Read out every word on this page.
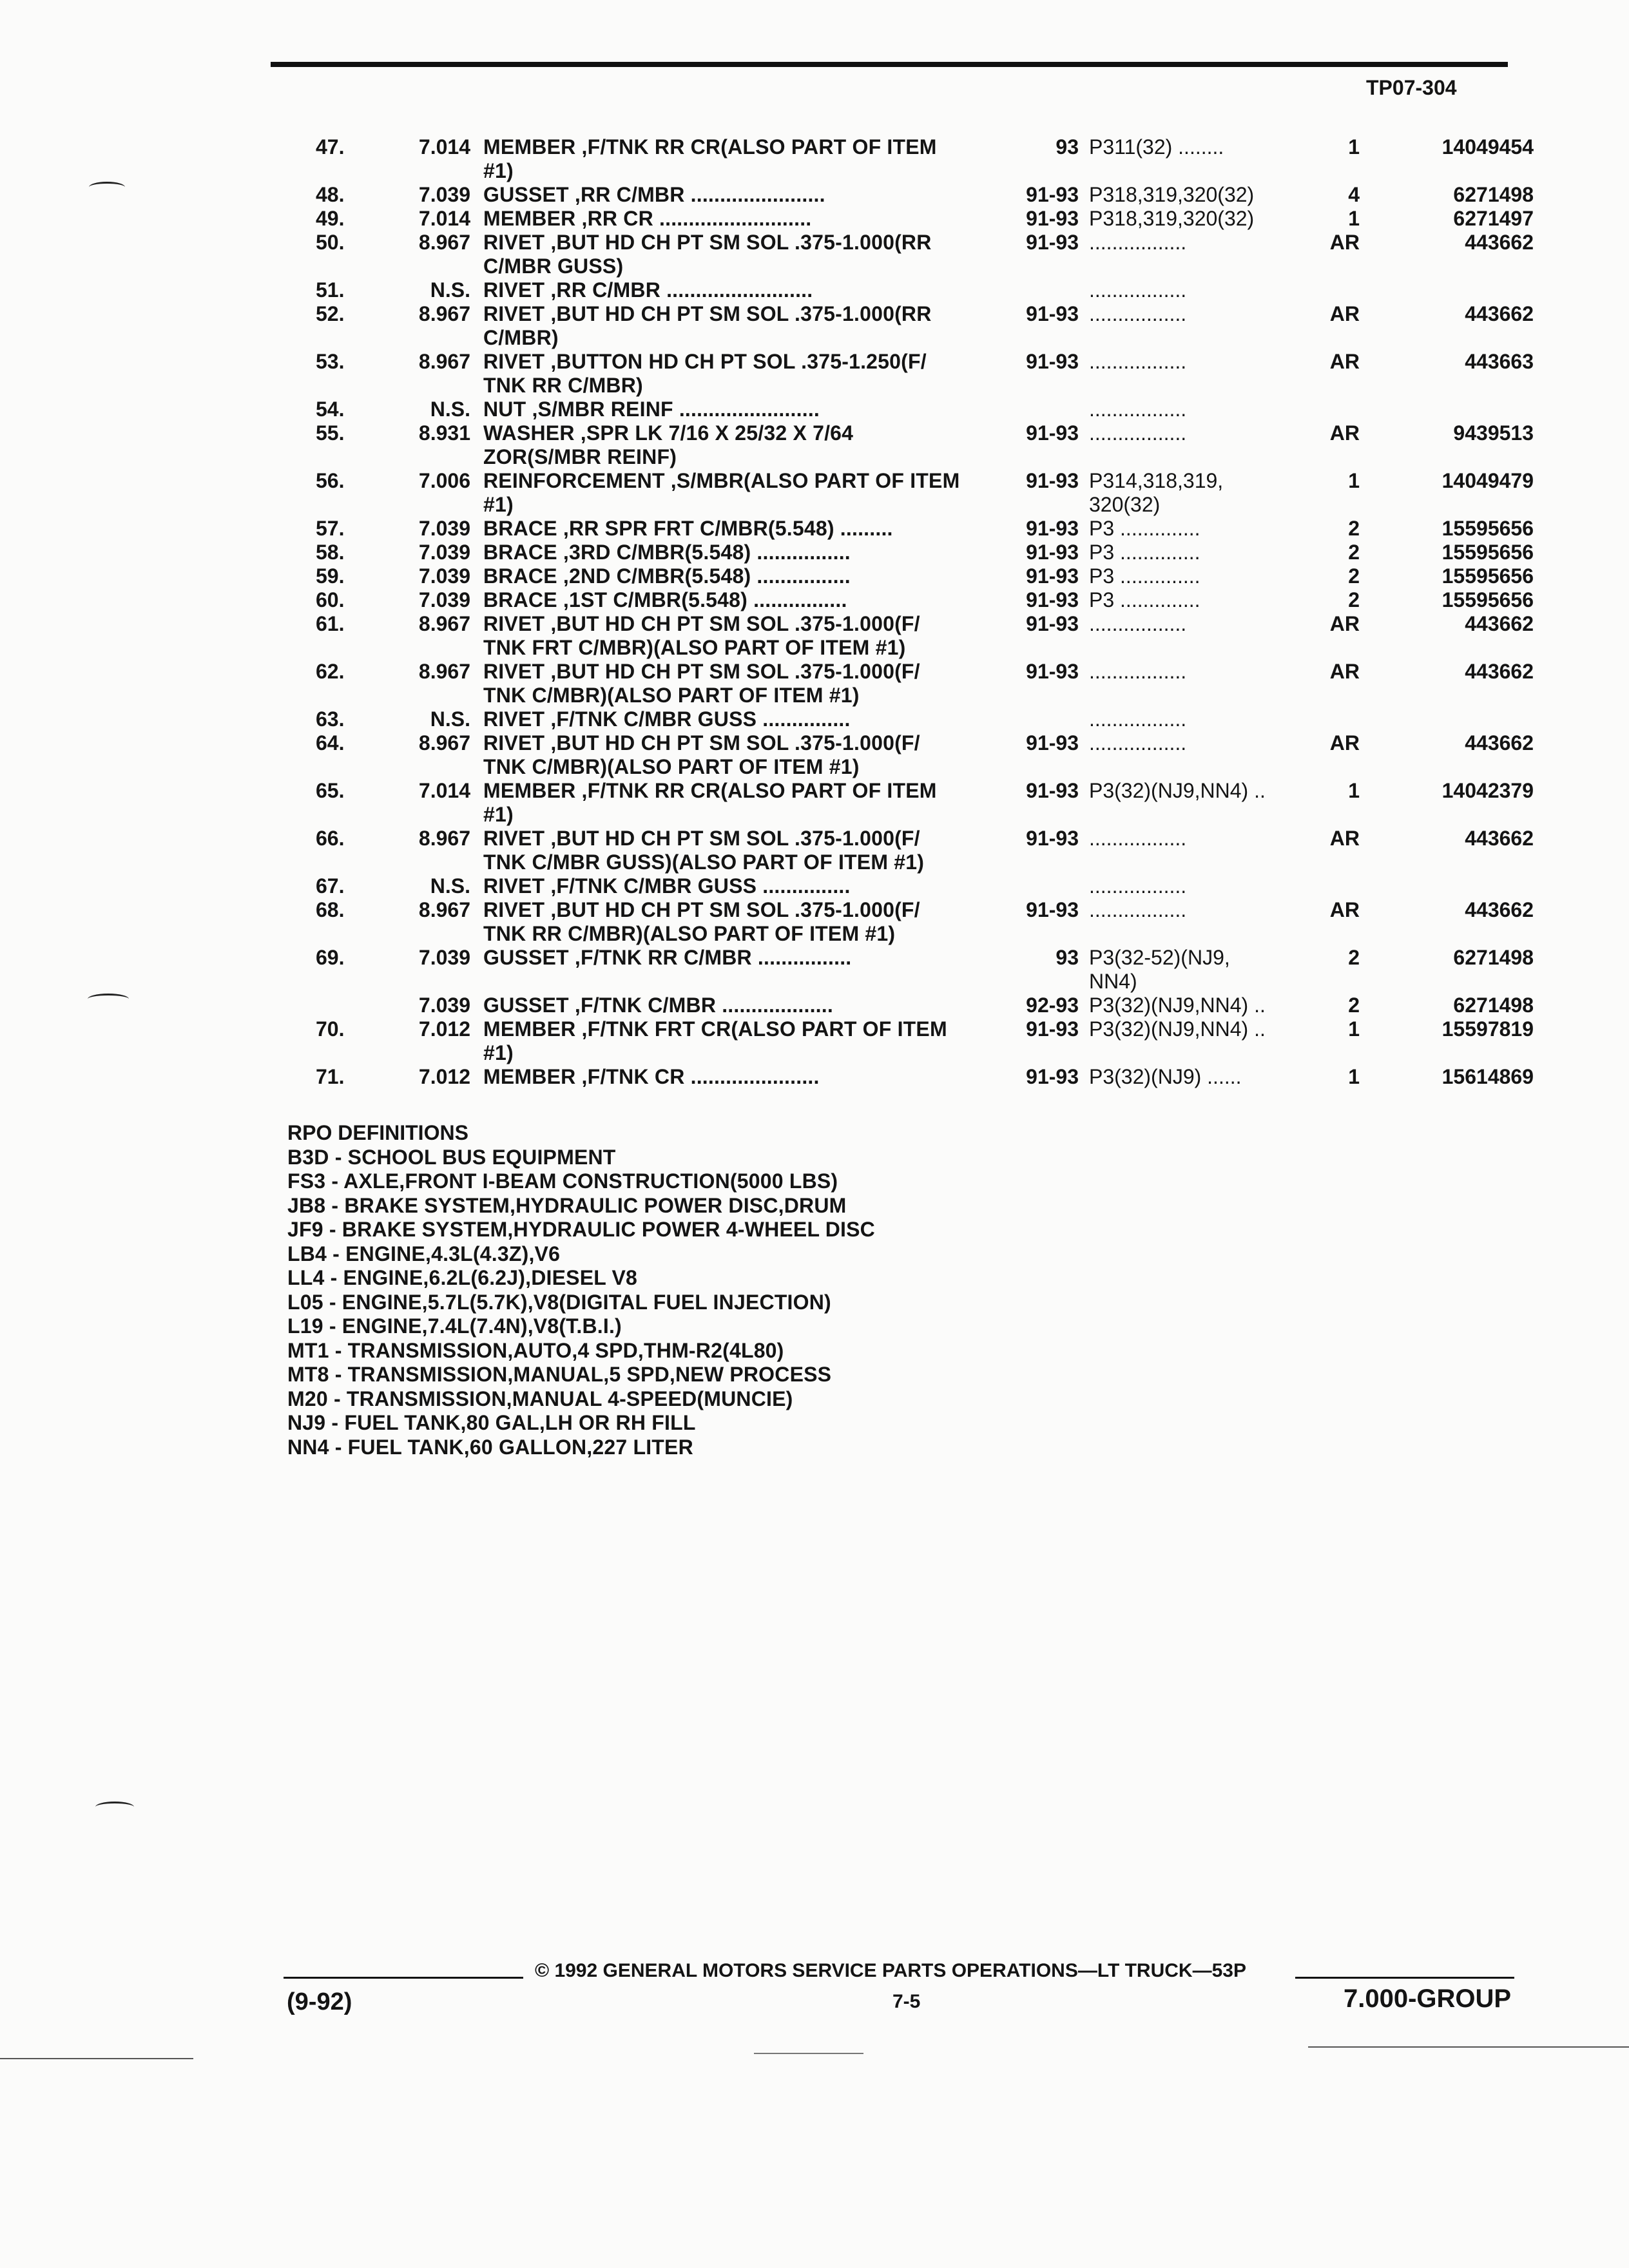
TP07-304
47.	7.014 MEMBER ,F/TNK RR CR(ALSO PART OF ITEM
#1)
93 P311(32) ........	1	14049454
48.	7.039 GUSSET ,RR C/MBR .......................	91-93 P318,319,320(32)	4	6271498
49.	7.014 MEMBER ,RR CR ..........................	91-93 P318,319,320(32)	1	6271497
50.	8.967 RIVET ,BUT HD CH PT SM SOL .375-1.000(RR
C/MBR GUSS)
91-93 .................	AR	443662
51.	N.S. RIVET ,RR C/MBR .........................	.................
52.	8.967 RIVET ,BUT HD CH PT SM SOL .375-1.000(RR
C/MBR)
91-93 .................	AR	443662
53.	8.967 RIVET ,BUTTON HD CH PT SOL .375-1.250(F/
TNK RR C/MBR)
91-93 .................	AR	443663
54.	N.S. NUT ,S/MBR REINF ........................	.................
55.	8.931 WASHER ,SPR LK 7/16 X 25/32 X 7/64
ZOR(S/MBR REINF)
91-93 .................	AR	9439513
56.	7.006 REINFORCEMENT ,S/MBR(ALSO PART OF ITEM
#1)
91-93 P314,318,319,
320(32)
1	14049479
57.	7.039 BRACE ,RR SPR FRT C/MBR(5.548) .........	91-93 P3 ..............	2	15595656
58.	7.039 BRACE ,3RD C/MBR(5.548) ................	91-93 P3 ..............	2	15595656
59.	7.039 BRACE ,2ND C/MBR(5.548) ................	91-93 P3 ..............	2	15595656
60.	7.039 BRACE ,1ST C/MBR(5.548) ................	91-93 P3 ..............	2	15595656
61.	8.967 RIVET ,BUT HD CH PT SM SOL .375-1.000(F/
TNK FRT C/MBR)(ALSO PART OF ITEM #1)
91-93 .................	AR	443662
62.	8.967 RIVET ,BUT HD CH PT SM SOL .375-1.000(F/
TNK C/MBR)(ALSO PART OF ITEM #1)
91-93 .................	AR	443662
63.	N.S. RIVET ,F/TNK C/MBR GUSS ...............	.................
64.	8.967 RIVET ,BUT HD CH PT SM SOL .375-1.000(F/
TNK C/MBR)(ALSO PART OF ITEM #1)
91-93 .................	AR	443662
65.	7.014 MEMBER ,F/TNK RR CR(ALSO PART OF ITEM
#1)
91-93 P3(32)(NJ9,NN4) ..	1	14042379
66.	8.967 RIVET ,BUT HD CH PT SM SOL .375-1.000(F/
TNK C/MBR GUSS)(ALSO PART OF ITEM #1)
91-93 .................	AR	443662
67.	N.S. RIVET ,F/TNK C/MBR GUSS ...............	.................
68.	8.967 RIVET ,BUT HD CH PT SM SOL .375-1.000(F/
TNK RR C/MBR)(ALSO PART OF ITEM #1)
91-93 .................	AR	443662
69.	7.039 GUSSET ,F/TNK RR C/MBR ................	93 P3(32-52)(NJ9,
NN4)
2	6271498
7.039 GUSSET ,F/TNK C/MBR ...................	92-93 P3(32)(NJ9,NN4) ..	2	6271498
70.	7.012 MEMBER ,F/TNK FRT CR(ALSO PART OF ITEM
#1)
91-93 P3(32)(NJ9,NN4) ..	1	15597819
71.	7.012 MEMBER ,F/TNK CR ......................	91-93 P3(32)(NJ9) ......	1	15614869
RPO DEFINITIONS
B3D - SCHOOL BUS EQUIPMENT
FS3 - AXLE,FRONT I-BEAM CONSTRUCTION(5000 LBS)
JB8 - BRAKE SYSTEM,HYDRAULIC POWER DISC,DRUM
JF9 - BRAKE SYSTEM,HYDRAULIC POWER 4-WHEEL DISC
LB4 - ENGINE,4.3L(4.3Z),V6
LL4 - ENGINE,6.2L(6.2J),DIESEL V8
L05 - ENGINE,5.7L(5.7K),V8(DIGITAL FUEL INJECTION)
L19 - ENGINE,7.4L(7.4N),V8(T.B.I.)
MT1 - TRANSMISSION,AUTO,4 SPD,THM-R2(4L80)
MT8 - TRANSMISSION,MANUAL,5 SPD,NEW PROCESS
M20 - TRANSMISSION,MANUAL 4-SPEED(MUNCIE)
NJ9 - FUEL TANK,80 GAL,LH OR RH FILL
NN4 - FUEL TANK,60 GALLON,227 LITER
© 1992 GENERAL MOTORS SERVICE PARTS OPERATIONS—LT TRUCK—53P
(9-92)	7-5	7.000-GROUP
